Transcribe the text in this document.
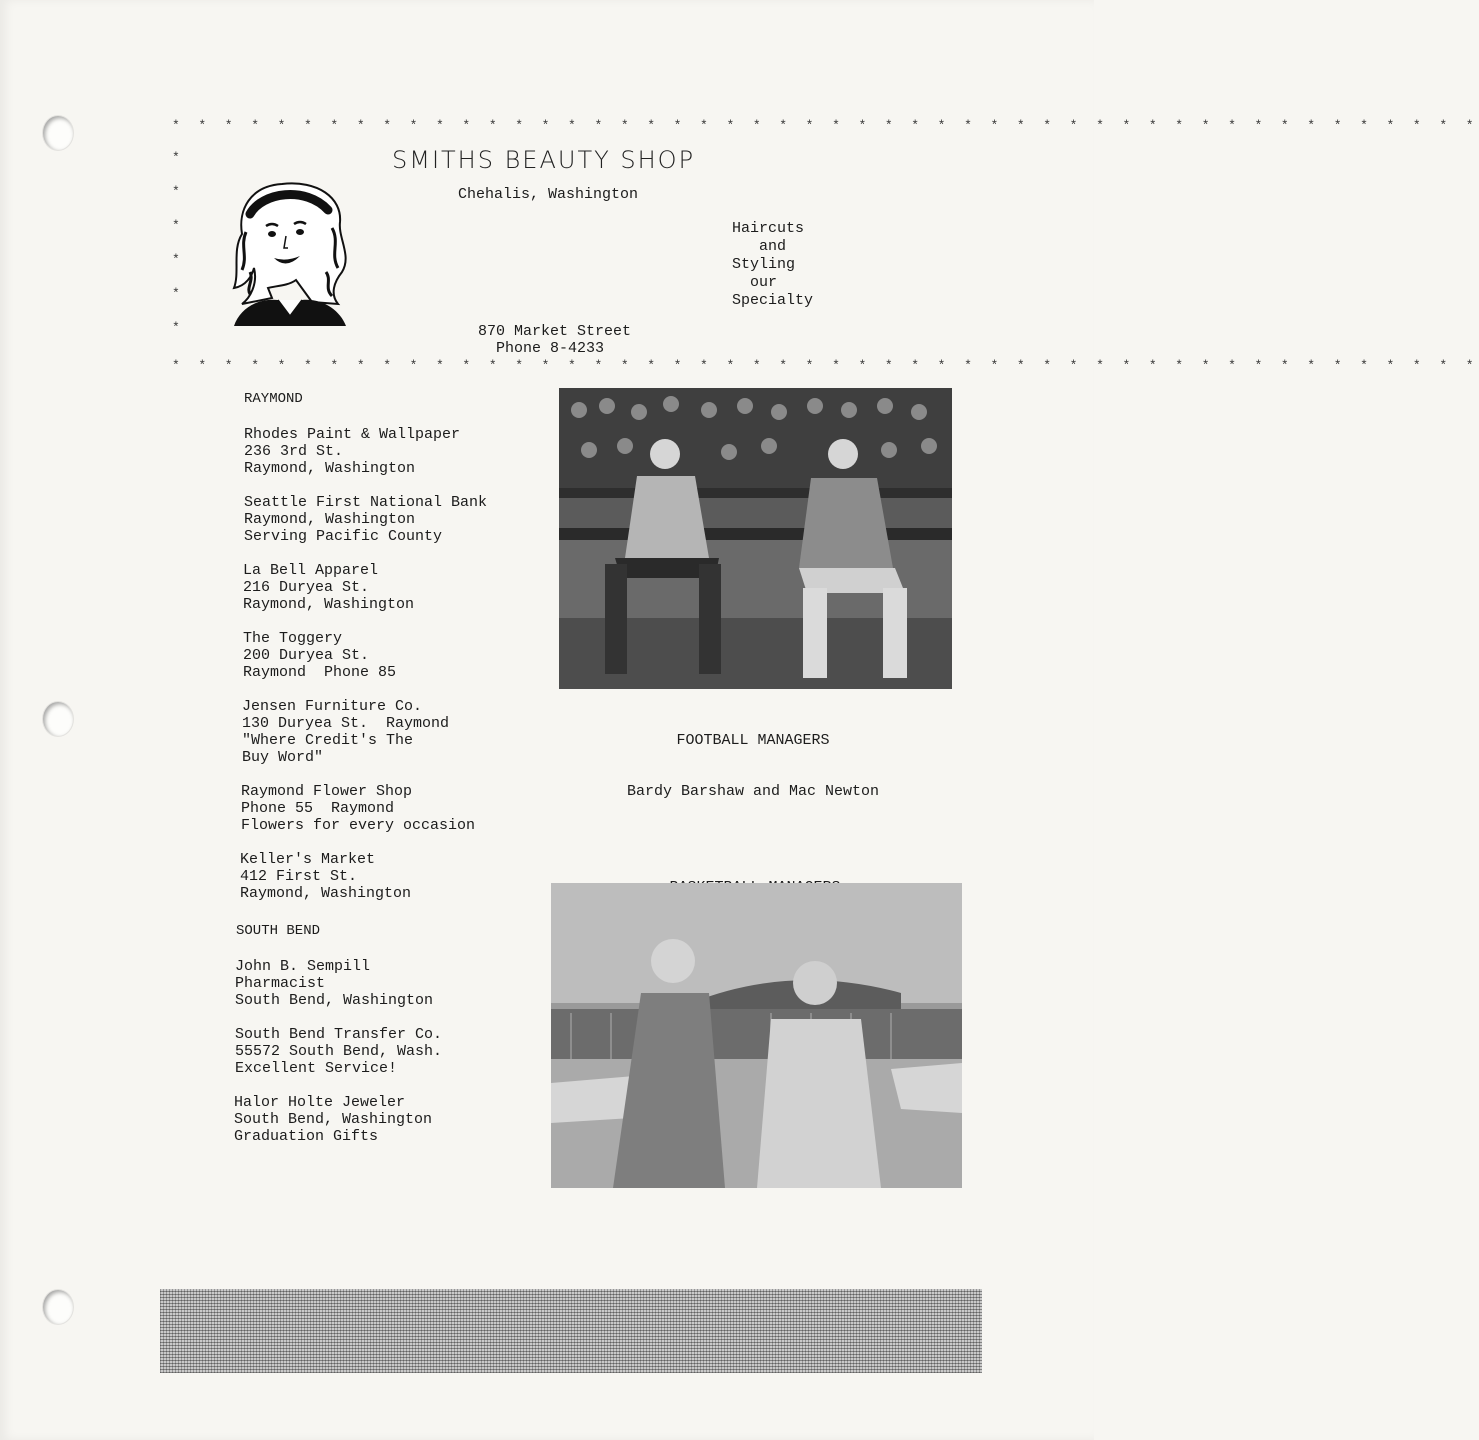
* * * * * * * * * * * * * * * * * * * * * * * * * * * * * * * * * * * * * * * * * * * * * * * * * *
* * * * * * * * * * * * * * * * * * * * * * * * * * * * * * * * * * * * * * * * * * * * * * * * * *
*
*
*
*
*
*
SMITHS BEAUTY SHOP
Chehalis, Washington
Haircuts
and
Styling
our
Specialty
870 Market Street
Phone 8-4233
RAYMOND
Rhodes Paint & Wallpaper
236 3rd St.
Raymond, Washington
Seattle First National Bank
Raymond, Washington
Serving Pacific County
La Bell Apparel
216 Duryea St.
Raymond, Washington
The Toggery
200 Duryea St.
Raymond  Phone 85
Jensen Furniture Co.
130 Duryea St.  Raymond
"Where Credit's The
Buy Word"
Raymond Flower Shop
Phone 55  Raymond
Flowers for every occasion
Keller's Market
412 First St.
Raymond, Washington
SOUTH BEND
John B. Sempill
Pharmacist
South Bend, Washington
South Bend Transfer Co.
55572 South Bend, Wash.
Excellent Service!
Halor Holte Jeweler
South Bend, Washington
Graduation Gifts

FOOTBALL MANAGERS

Bardy Barshaw and Mac Newton
